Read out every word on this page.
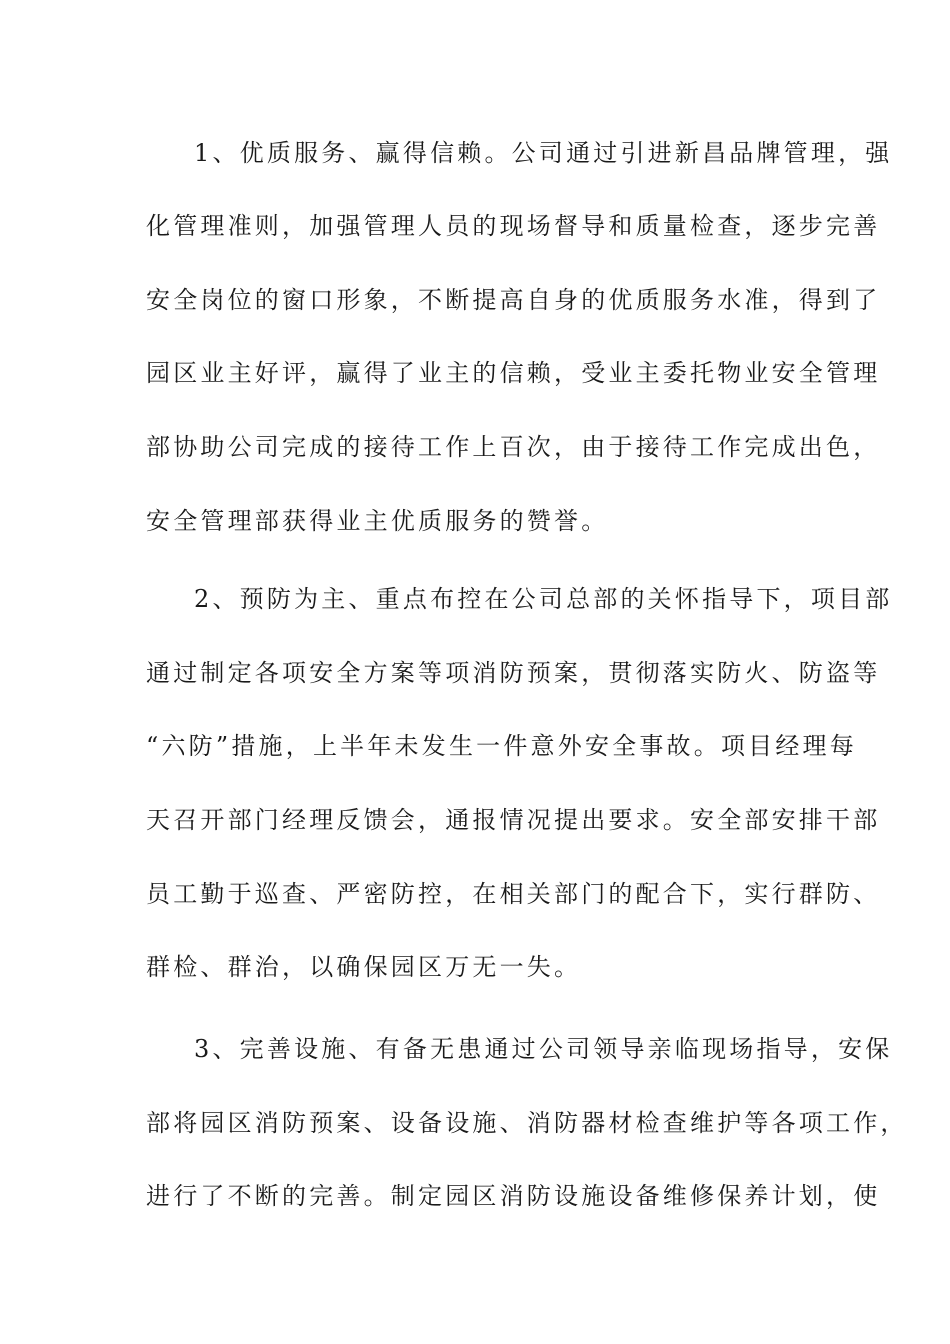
1、优质服务、赢得信赖。公司通过引进新昌品牌管理，强
化管理准则，加强管理人员的现场督导和质量检查，逐步完善
安全岗位的窗口形象，不断提高自身的优质服务水准，得到了
园区业主好评，赢得了业主的信赖，受业主委托物业安全管理
部协助公司完成的接待工作上百次，由于接待工作完成出色，
安全管理部获得业主优质服务的赞誉。
2、预防为主、重点布控在公司总部的关怀指导下，项目部
通过制定各项安全方案等项消防预案，贯彻落实防火、防盗等
“六防”措施，上半年未发生一件意外安全事故。项目经理每
天召开部门经理反馈会，通报情况提出要求。安全部安排干部
员工勤于巡查、严密防控，在相关部门的配合下，实行群防、
群检、群治，以确保园区万无一失。
3、完善设施、有备无患通过公司领导亲临现场指导，安保
部将园区消防预案、设备设施、消防器材检查维护等各项工作，
进行了不断的完善。制定园区消防设施设备维修保养计划，使
